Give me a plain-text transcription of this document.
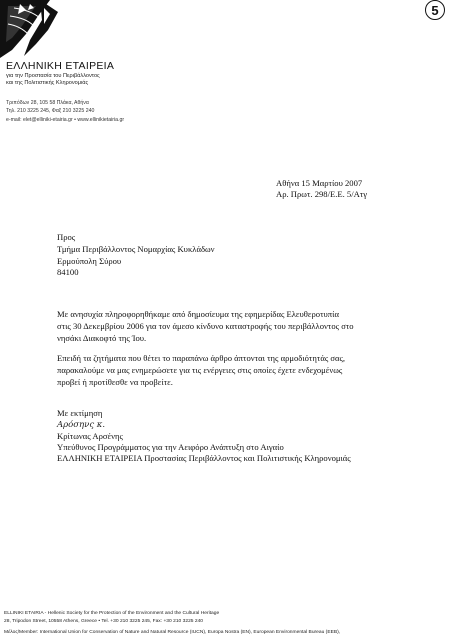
ΕΛΛΗΝΙΚΗ ΕΤΑΙΡΕΙΑ
για την Προστασία του Περιβάλλοντος
και της Πολιτιστικής Κληρονομιάς
Τριπόδων 28, 105 58 Πλάκα, Αθήνα
Τηλ. 210 3225 245, Φαξ 210 3225 240
e-mail: elet@elliniki-etairia.gr • www.ellinikietairia.gr
5
Αθήνα 15 Μαρτίου 2007
Αρ. Πρωτ. 298/Ε.Ε. 5/Ατγ
Προς
Τμήμα Περιβάλλοντος Νομαρχίας Κυκλάδων
Ερμούπολη Σύρου
84100
Με ανησυχία πληροφορηθήκαμε από δημοσίευμα της εφημερίδας Ελευθεροτυπία
στις 30 Δεκεμβρίου 2006 για τον άμεσο κίνδυνο καταστροφής του περιβάλλοντος στο
νησάκι Διακοφτό της Ίου.
Επειδή τα ζητήματα που θέτει το παραπάνω άρθρο άπτονται της αρμοδιότητάς σας,
παρακαλούμε να μας ενημερώσετε για τις ενέργειες στις οποίες έχετε ενδεχομένως
προβεί ή προτίθεσθε να προβείτε.
Με εκτίμηση
Αρόσηνς κ.
Κρίτωνας Αρσένης
Υπεύθυνος Προγράμματος για την Αειφόρο Ανάπτυξη στο Αιγαίο
ΕΛΛΗΝΙΚΗ ΕΤΑΙΡΕΙΑ Προστασίας Περιβάλλοντος και Πολιτιστικής Κληρονομιάς
ELLINIKI ETAIRIA - Hellenic Society for the Protection of the Environment and the Cultural Heritage
28, Tripodon Street, 10558 Athens, Greece • Tel. +30 210 3225 245, Fax: +30 210 3225 240
Μέλος/Member: International Union for Conservation of Nature and Natural Resource (IUCN), Europa Nostra (EN), European Environmental Bureau (EEB),
